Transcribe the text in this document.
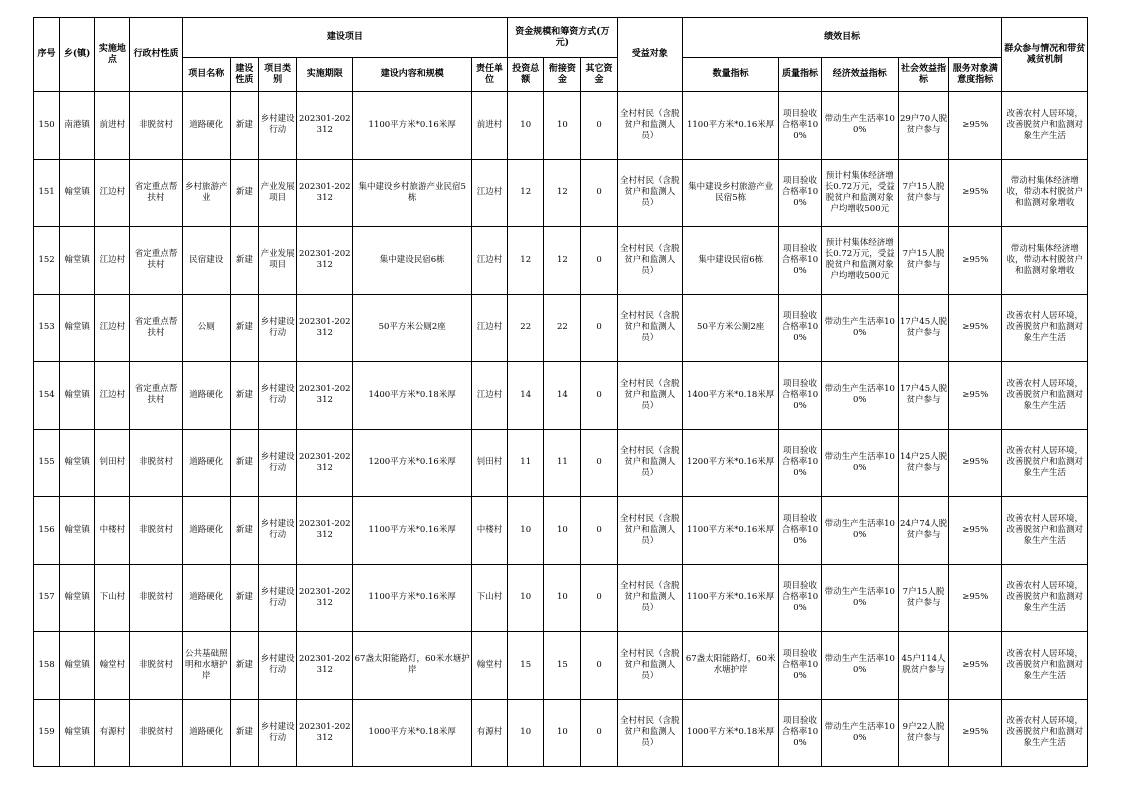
序号	乡(镇)	实施地点	行政村性质	建设项目						资金规模和筹资方式(万元)			受益对象	绩效目标					群众参与情况和带贫减贫机制
				项目名称	建设性质	项目类别	实施期限	建设内容和规模	责任单位	投资总额	衔接资金	其它资金		数量指标	质量指标	经济效益指标	社会效益指标	服务对象满意度指标	
150	南港镇	前进村	非脱贫村	道路硬化	新建	乡村建设行动	202301-202312	1100平方米*0.16米厚	前进村	10	10	0	全村村民（含脱贫户和监测人员）	1100平方米*0.16米厚	项目验收合格率100%	带动生产生活率100%	29户70人脱贫户参与	≥95%	改善农村人居环境，改善脱贫户和监测对象生产生活
151	翰堂镇	江边村	省定重点帮扶村	乡村旅游产业	新建	产业发展项目	202301-202312	集中建设乡村旅游产业民宿5栋	江边村	12	12	0	全村村民（含脱贫户和监测人员）	集中建设乡村旅游产业民宿5栋	项目验收合格率100%	预计村集体经济增长0.72万元，受益脱贫户和监测对象户均增收500元	7户15人脱贫户参与	≥95%	带动村集体经济增收，带动本村脱贫户和监测对象增收
152	翰堂镇	江边村	省定重点帮扶村	民宿建设	新建	产业发展项目	202301-202312	集中建设民宿6栋	江边村	12	12	0	全村村民（含脱贫户和监测人员）	集中建设民宿6栋	项目验收合格率100%	预计村集体经济增长0.72万元，受益脱贫户和监测对象户均增收500元	7户15人脱贫户参与	≥95%	带动村集体经济增收，带动本村脱贫户和监测对象增收
153	翰堂镇	江边村	省定重点帮扶村	公厕	新建	乡村建设行动	202301-202312	50平方米公厕2座	江边村	22	22	0	全村村民（含脱贫户和监测人员）	50平方米公厕2座	项目验收合格率100%	带动生产生活率100%	17户45人脱贫户参与	≥95%	改善农村人居环境，改善脱贫户和监测对象生产生活
154	翰堂镇	江边村	省定重点帮扶村	道路硬化	新建	乡村建设行动	202301-202312	1400平方米*0.18米厚	江边村	14	14	0	全村村民（含脱贫户和监测人员）	1400平方米*0.18米厚	项目验收合格率100%	带动生产生活率100%	17户45人脱贫户参与	≥95%	改善农村人居环境，改善脱贫户和监测对象生产生活
155	翰堂镇	钊田村	非脱贫村	道路硬化	新建	乡村建设行动	202301-202312	1200平方米*0.16米厚	钊田村	11	11	0	全村村民（含脱贫户和监测人员）	1200平方米*0.16米厚	项目验收合格率100%	带动生产生活率100%	14户25人脱贫户参与	≥95%	改善农村人居环境，改善脱贫户和监测对象生产生活
156	翰堂镇	中楼村	非脱贫村	道路硬化	新建	乡村建设行动	202301-202312	1100平方米*0.16米厚	中楼村	10	10	0	全村村民（含脱贫户和监测人员）	1100平方米*0.16米厚	项目验收合格率100%	带动生产生活率100%	24户74人脱贫户参与	≥95%	改善农村人居环境，改善脱贫户和监测对象生产生活
157	翰堂镇	下山村	非脱贫村	道路硬化	新建	乡村建设行动	202301-202312	1100平方米*0.16米厚	下山村	10	10	0	全村村民（含脱贫户和监测人员）	1100平方米*0.16米厚	项目验收合格率100%	带动生产生活率100%	7户15人脱贫户参与	≥95%	改善农村人居环境，改善脱贫户和监测对象生产生活
158	翰堂镇	翰堂村	非脱贫村	公共基础照明和水塘护岸	新建	乡村建设行动	202301-202312	67盏太阳能路灯，60米水塘护岸	翰堂村	15	15	0	全村村民（含脱贫户和监测人员）	67盏太阳能路灯，60米水塘护岸	项目验收合格率100%	带动生产生活率100%	45户114人脱贫户参与	≥95%	改善农村人居环境，改善脱贫户和监测对象生产生活
159	翰堂镇	有源村	非脱贫村	道路硬化	新建	乡村建设行动	202301-202312	1000平方米*0.18米厚	有源村	10	10	0	全村村民（含脱贫户和监测人员）	1000平方米*0.18米厚	项目验收合格率100%	带动生产生活率100%	9户22人脱贫户参与	≥95%	改善农村人居环境，改善脱贫户和监测对象生产生活
